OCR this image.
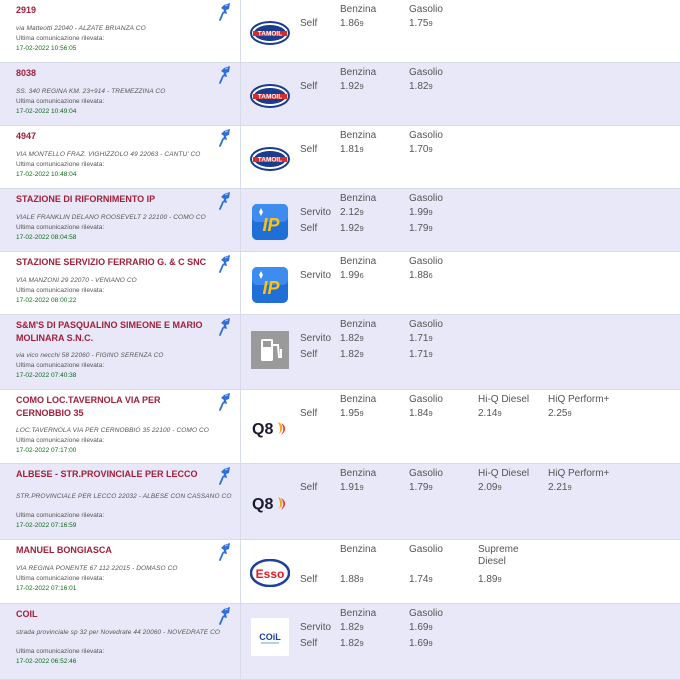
2919
via Matteotti 22040 - ALZATE BRIANZA CO
Ultima comunicazione rilevata:
17-02-2022 10:56:05
TAMOIL
Benzina	Gasolio
Self 1.869	1.759
8038
SS. 340 REGINA KM. 23+914 - TREMEZZINA CO
Ultima comunicazione rilevata:
17-02-2022 10:49:04
TAMOIL
Benzina	Gasolio
Self 1.929	1.829
4947
VIA MONTELLO FRAZ. VIGHIZZOLO 49 22063 - CANTU' CO
Ultima comunicazione rilevata:
17-02-2022 10:48:04
TAMOIL
Benzina	Gasolio
Self 1.819	1.709
STAZIONE DI RIFORNIMENTO IP
VIALE FRANKLIN DELANO ROOSEVELT 2 22100 - COMO CO
Ultima comunicazione rilevata:
17-02-2022 08:04:58
IP
Benzina	Gasolio
Servito 2.129	1.999
Self 1.929	1.799
STAZIONE SERVIZIO FERRARIO G. & C SNC
VIA MANZONI 29 22070 - VENIANO CO
Ultima comunicazione rilevata:
17-02-2022 08:00:22
IP
Benzina	Gasolio
Servito 1.996	1.886
S&M'S DI PASQUALINO SIMEONE E MARIO MOLINARA S.N.C.
via vico necchi 58 22060 - FIGINO SERENZA CO
Ultima comunicazione rilevata:
17-02-2022 07:40:38
Benzina	Gasolio
Servito 1.829	1.719
Self 1.829	1.719
COMO LOC.TAVERNOLA VIA PER CERNOBBIO 35
LOC.TAVERNOLA VIA PER CERNOBBIO 35 22100 - COMO CO
Ultima comunicazione rilevata:
17-02-2022 07:17:00
Q8
Benzina	Gasolio	Hi-Q Diesel HiQ Perform+
Self 1.959	1.849	2.149	2.259
ALBESE - STR.PROVINCIALE PER LECCO
STR.PROVINCIALE PER LECCO 22032 - ALBESE CON CASSANO CO
Ultima comunicazione rilevata:
17-02-2022 07:16:59
Q8
Benzina	Gasolio	Hi-Q Diesel HiQ Perform+
Self 1.919	1.799	2.099	2.219
MANUEL BONGIASCA
VIA REGINA PONENTE 67 112 22015 - DOMASO CO
Ultima comunicazione rilevata:
17-02-2022 07:16:01
Esso
Benzina	Gasolio	Supreme Diesel
Self 1.889	1.749	1.899
COIL
strada provinciale sp 32 per Novedrate 44 20060 - NOVEDRATE CO
Ultima comunicazione rilevata:
17-02-2022 06:52:46
COiL
Benzina	Gasolio
Servito 1.829	1.699
Self 1.829	1.699
